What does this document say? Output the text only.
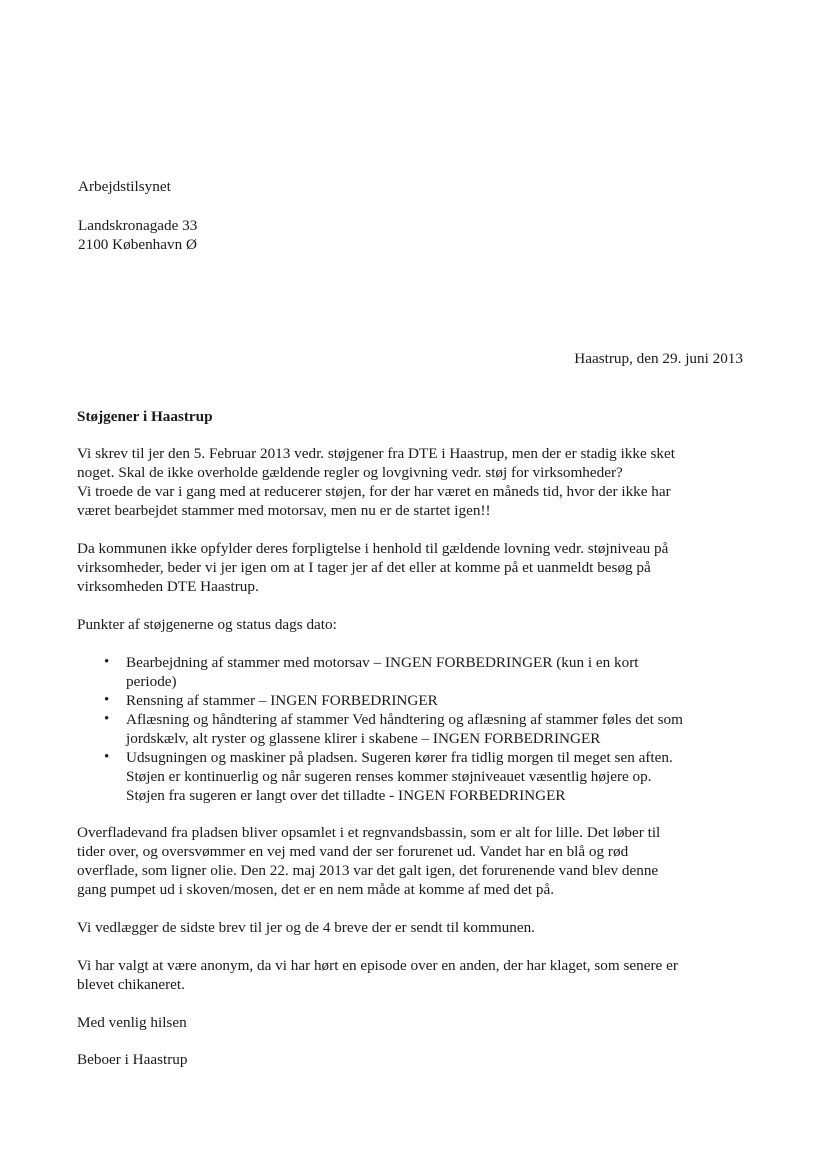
Arbejdstilsynet

Landskronagade 33

2100 København Ø

Haastrup, den 29. juni 2013

Støjgener i Haastrup

Vi skrev til jer den 5. Februar 2013 vedr. støjgener fra DTE i Haastrup, men der er stadig ikke sket

noget. Skal de ikke overholde gældende regler og lovgivning vedr. støj for virksomheder?

Vi troede de var i gang med at reducerer støjen, for der har været en måneds tid, hvor der ikke har

været bearbejdet stammer med motorsav, men nu er de startet igen!!

Da kommunen ikke opfylder deres forpligtelse i henhold til gældende lovning vedr. støjniveau på

virksomheder, beder vi jer igen om at I tager jer af det eller at komme på et uanmeldt besøg på

virksomheden DTE Haastrup.

Punkter af støjgenerne og status dags dato:

• Bearbejdning af stammer med motorsav – INGEN FORBEDRINGER (kun i en kort

periode)

• Rensning af stammer – INGEN FORBEDRINGER

• Aflæsning og håndtering af stammer Ved håndtering og aflæsning af stammer føles det som

jordskælv, alt ryster og glassene klirer i skabene – INGEN FORBEDRINGER

• Udsugningen og maskiner på pladsen. Sugeren kører fra tidlig morgen til meget sen aften.

Støjen er kontinuerlig og når sugeren renses kommer støjniveauet væsentlig højere op.

Støjen fra sugeren er langt over det tilladte - INGEN FORBEDRINGER

Overfladevand fra pladsen bliver opsamlet i et regnvandsbassin, som er alt for lille. Det løber til

tider over, og oversvømmer en vej med vand der ser forurenet ud. Vandet har en blå og rød

overflade, som ligner olie. Den 22. maj 2013 var det galt igen, det forurenende vand blev denne

gang pumpet ud i skoven/mosen, det er en nem måde at komme af med det på.

Vi vedlægger de sidste brev til jer og de 4 breve der er sendt til kommunen.

Vi har valgt at være anonym, da vi har hørt en episode over en anden, der har klaget, som senere er

blevet chikaneret.

Med venlig hilsen

Beboer i Haastrup
